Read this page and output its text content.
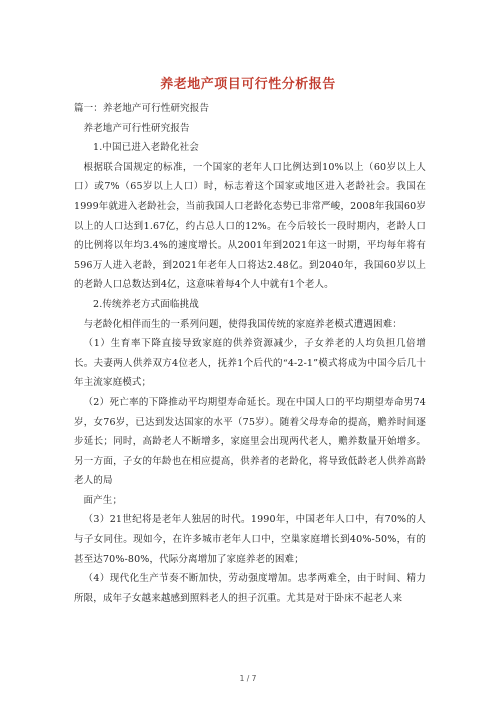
养老地产项目可行性分析报告

篇一：养老地产可行性研究报告

养老地产可行性研究报告

1.中国已进入老龄化社会

根据联合国规定的标准，一个国家的老年人口比例达到10%以上（60岁以上人口）或7%（65岁以上人口）时，标志着这个国家或地区进入老龄社会。我国在1999年就进入老龄社会，当前我国人口老龄化态势已非常严峻，2008年我国60岁以上的人口达到1.67亿，约占总人口的12%。在今后较长一段时期内，老龄人口的比例将以年均3.4%的速度增长。从2001年到2021年这一时期，平均每年将有596万人进入老龄，到2021年老年人口将达2.48亿。到2040年，我国60岁以上的老龄人口总数达到4亿，这意味着每4个人中就有1个老人。

2.传统养老方式面临挑战

与老龄化相伴而生的一系列问题，使得我国传统的家庭养老模式遭遇困难：

（1）生育率下降直接导致家庭的供养资源减少，子女养老的人均负担几倍增长。夫妻两人供养双方4位老人，抚养1个后代的“4-2-1”模式将成为中国今后几十年主流家庭模式；

（2）死亡率的下降推动平均期望寿命延长。现在中国人口的平均期望寿命男74岁，女76岁，已达到发达国家的水平（75岁）。随着父母寿命的提高，赡养时间逐步延长；同时，高龄老人不断增多，家庭里会出现两代老人，赡养数量开始增多。另一方面，子女的年龄也在相应提高，供养者的老龄化，将导致低龄老人供养高龄老人的局

面产生；

（3）21世纪将是老年人独居的时代。1990年，中国老年人口中，有70%的人与子女同住。现如今，在许多城市老年人口中，空巢家庭增长到40%-50%，有的甚至达70%-80%，代际分离增加了家庭养老的困难；

（4）现代化生产节奏不断加快，劳动强度增加。忠孝两难全，由于时间、精力所限，成年子女越来越感到照料老人的担子沉重。尤其是对于卧床不起老人来

1 / 7
